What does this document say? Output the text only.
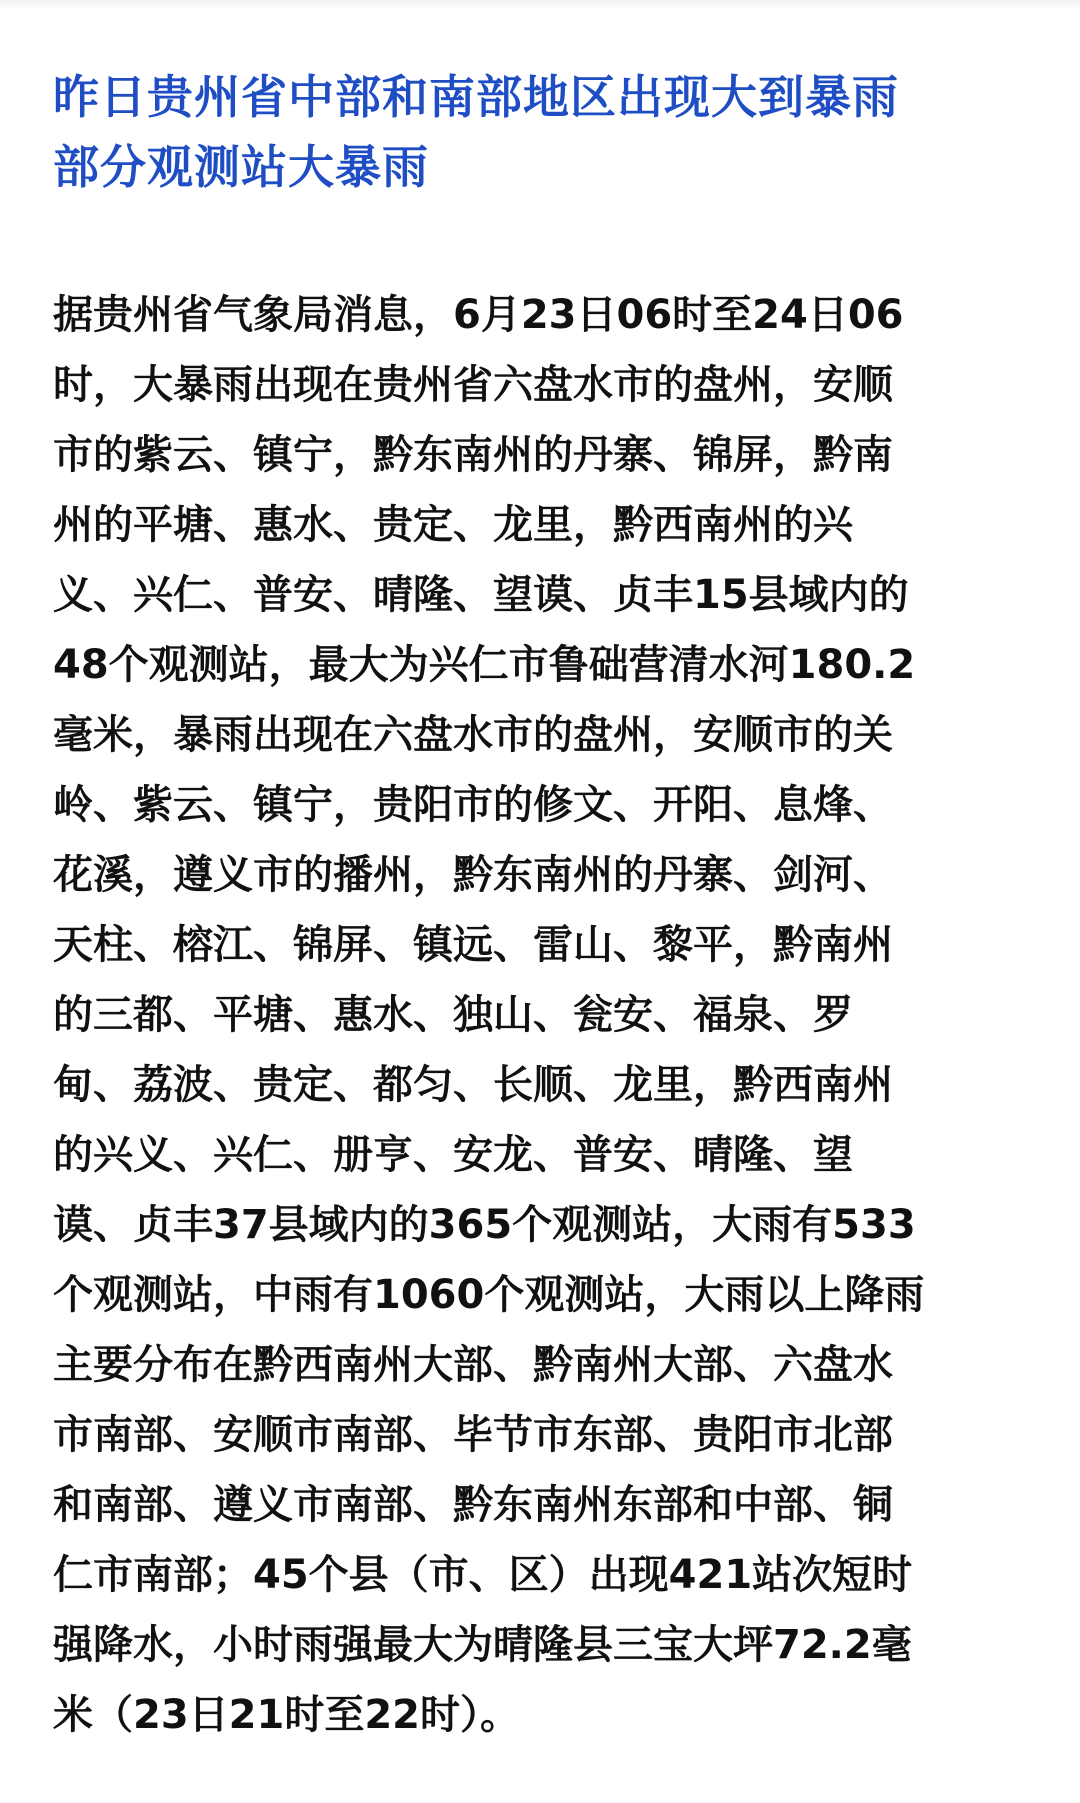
昨日贵州省中部和南部地区出现大到暴雨
部分观测站大暴雨

据贵州省气象局消息，6月23日06时至24日06
时，大暴雨出现在贵州省六盘水市的盘州，安顺
市的紫云、镇宁，黔东南州的丹寨、锦屏，黔南
州的平塘、惠水、贵定、龙里，黔西南州的兴
义、兴仁、普安、晴隆、望谟、贞丰15县域内的
48个观测站，最大为兴仁市鲁础营清水河180.2
毫米，暴雨出现在六盘水市的盘州，安顺市的关
岭、紫云、镇宁，贵阳市的修文、开阳、息烽、
花溪，遵义市的播州，黔东南州的丹寨、剑河、
天柱、榕江、锦屏、镇远、雷山、黎平，黔南州
的三都、平塘、惠水、独山、瓮安、福泉、罗
甸、荔波、贵定、都匀、长顺、龙里，黔西南州
的兴义、兴仁、册亨、安龙、普安、晴隆、望
谟、贞丰37县域内的365个观测站，大雨有533
个观测站，中雨有1060个观测站，大雨以上降雨
主要分布在黔西南州大部、黔南州大部、六盘水
市南部、安顺市南部、毕节市东部、贵阳市北部
和南部、遵义市南部、黔东南州东部和中部、铜
仁市南部；45个县（市、区）出现421站次短时
强降水，小时雨强最大为晴隆县三宝大坪72.2毫
米（23日21时至22时）。
